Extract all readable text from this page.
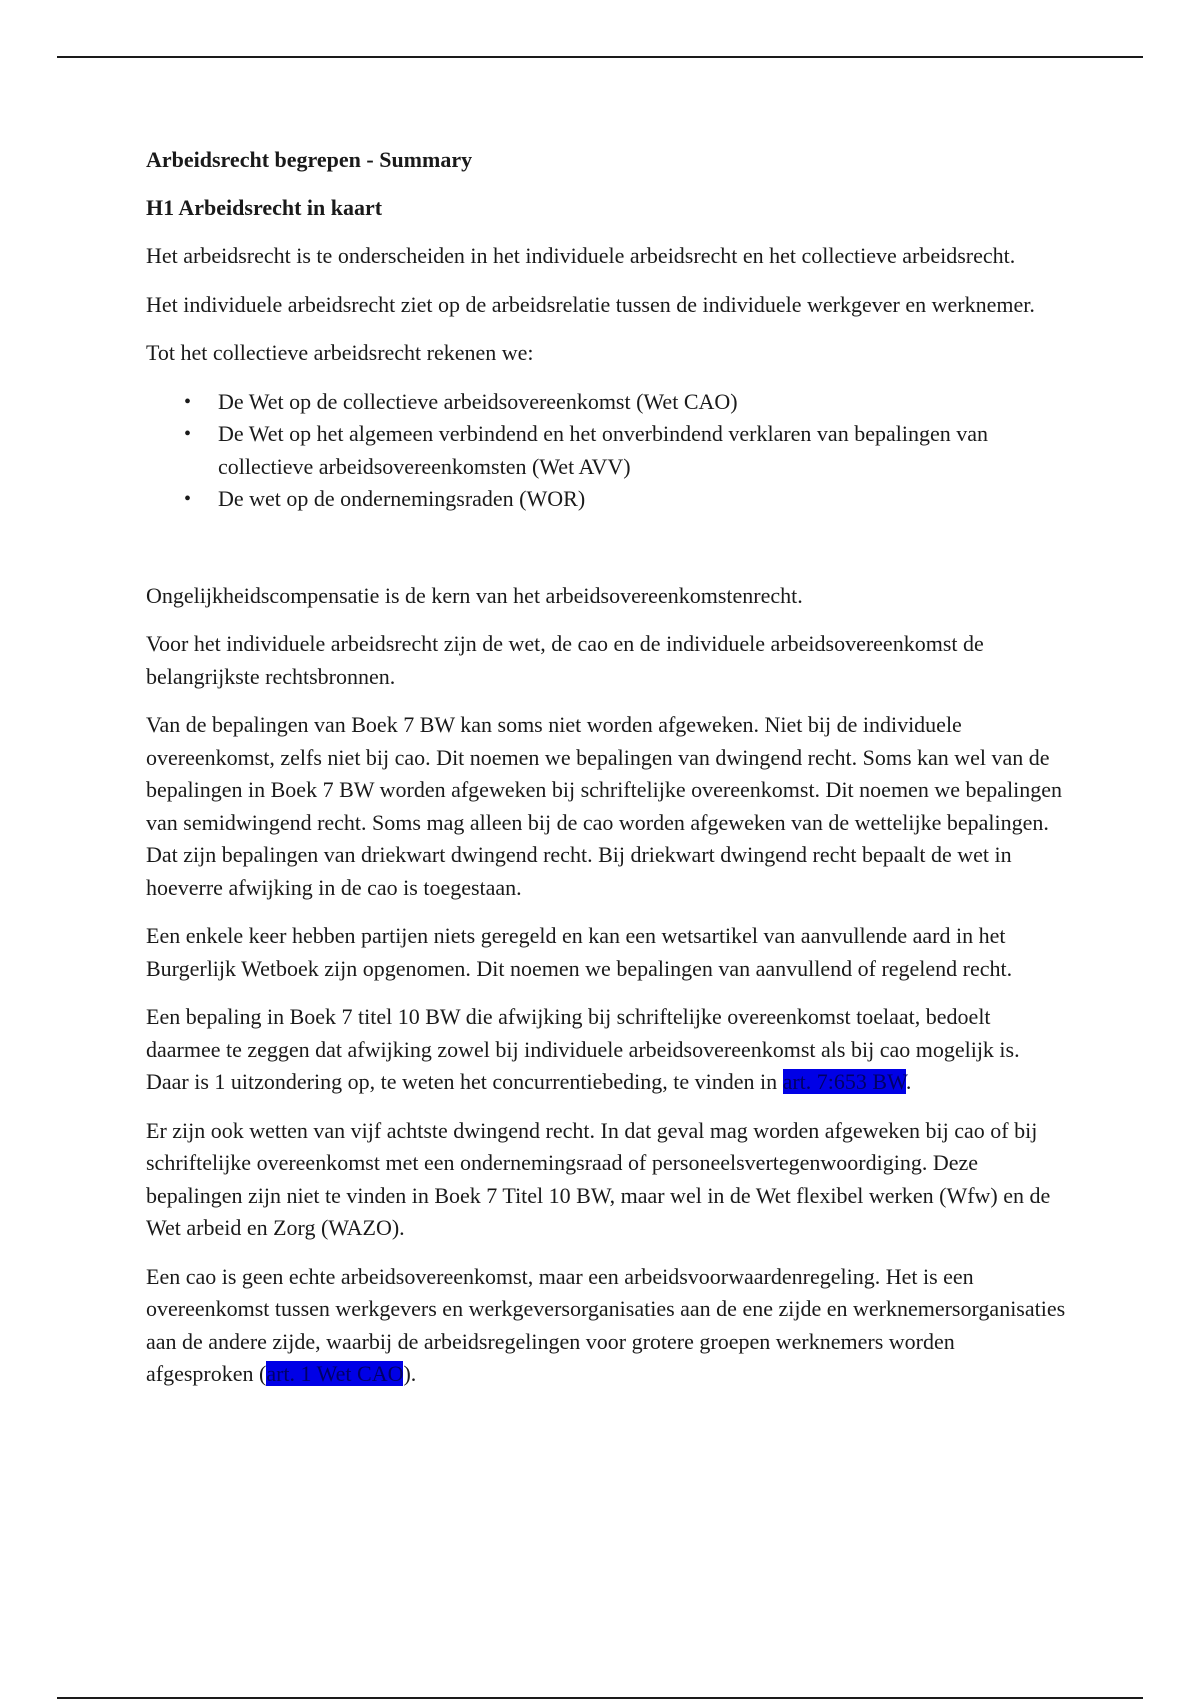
Arbeidsrecht begrepen - Summary
H1 Arbeidsrecht in kaart

Het arbeidsrecht is te onderscheiden in het individuele arbeidsrecht en het collectieve arbeidsrecht.

Het individuele arbeidsrecht ziet op de arbeidsrelatie tussen de individuele werkgever en werknemer.

Tot het collectieve arbeidsrecht rekenen we:

• De Wet op de collectieve arbeidsovereenkomst (Wet CAO)
• De Wet op het algemeen verbindend en het onverbindend verklaren van bepalingen van collectieve arbeidsovereenkomsten (Wet AVV)
• De wet op de ondernemingsraden (WOR)

Ongelijkheidscompensatie is de kern van het arbeidsovereenkomstenrecht.

Voor het individuele arbeidsrecht zijn de wet, de cao en de individuele arbeidsovereenkomst de belangrijkste rechtsbronnen.

Van de bepalingen van Boek 7 BW kan soms niet worden afgeweken. Niet bij de individuele overeenkomst, zelfs niet bij cao. Dit noemen we bepalingen van dwingend recht. Soms kan wel van de bepalingen in Boek 7 BW worden afgeweken bij schriftelijke overeenkomst. Dit noemen we bepalingen van semidwingend recht. Soms mag alleen bij de cao worden afgeweken van de wettelijke bepalingen. Dat zijn bepalingen van driekwart dwingend recht. Bij driekwart dwingend recht bepaalt de wet in hoeverre afwijking in de cao is toegestaan.

Een enkele keer hebben partijen niets geregeld en kan een wetsartikel van aanvullende aard in het Burgerlijk Wetboek zijn opgenomen. Dit noemen we bepalingen van aanvullend of regelend recht.

Een bepaling in Boek 7 titel 10 BW die afwijking bij schriftelijke overeenkomst toelaat, bedoelt daarmee te zeggen dat afwijking zowel bij individuele arbeidsovereenkomst als bij cao mogelijk is. Daar is 1 uitzondering op, te weten het concurrentiebeding, te vinden in art. 7:653 BW.

Er zijn ook wetten van vijf achtste dwingend recht. In dat geval mag worden afgeweken bij cao of bij schriftelijke overeenkomst met een ondernemingsraad of personeelsvertegenwoordiging. Deze bepalingen zijn niet te vinden in Boek 7 Titel 10 BW, maar wel in de Wet flexibel werken (Wfw) en de Wet arbeid en Zorg (WAZO).

Een cao is geen echte arbeidsovereenkomst, maar een arbeidsvoorwaardenregeling. Het is een overeenkomst tussen werkgevers en werkgeversorganisaties aan de ene zijde en werknemersorganisaties aan de andere zijde, waarbij de arbeidsregelingen voor grotere groepen werknemers worden afgesproken (art. 1 Wet CAO).
